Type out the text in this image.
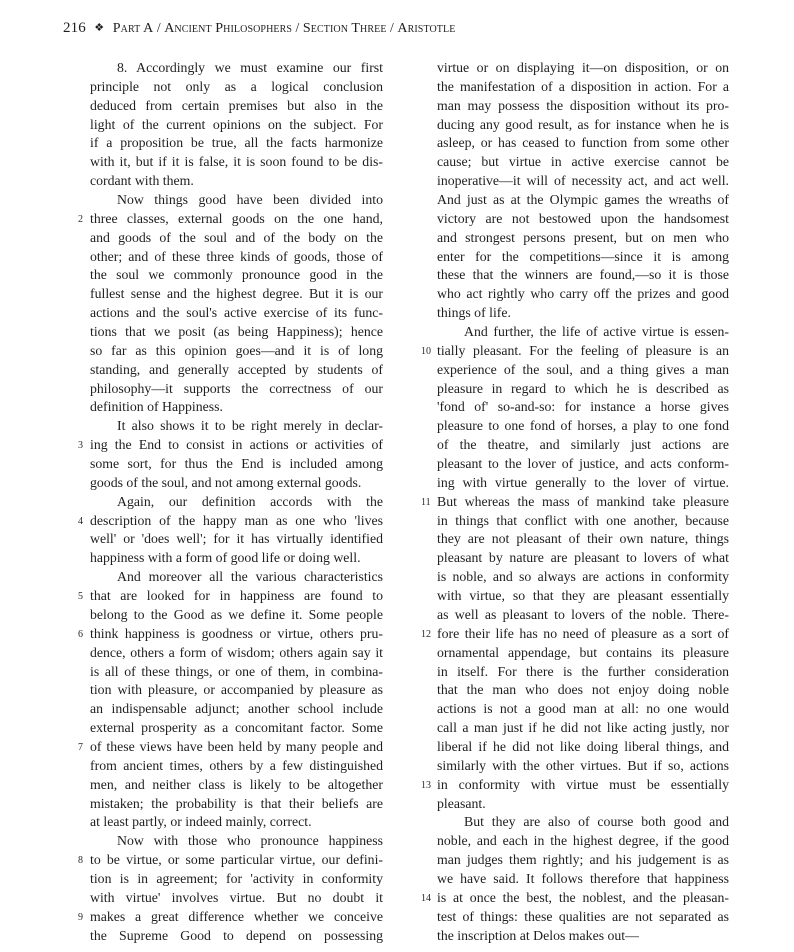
216 ❖ Part A / Ancient Philosophers / Section Three / Aristotle
8. Accordingly we must examine our first
principle not only as a logical conclusion
deduced from certain premises but also in the
light of the current opinions on the subject. For
if a proposition be true, all the facts harmonize
with it, but if it is false, it is soon found to be dis-
cordant with them.
Now things good have been divided into
2 three classes, external goods on the one hand,
and goods of the soul and of the body on the
other; and of these three kinds of goods, those of
the soul we commonly pronounce good in the
fullest sense and the highest degree. But it is our
actions and the soul's active exercise of its func-
tions that we posit (as being Happiness); hence
so far as this opinion goes—and it is of long
standing, and generally accepted by students of
philosophy—it supports the correctness of our
definition of Happiness.
It also shows it to be right merely in declar-
3 ing the End to consist in actions or activities of
some sort, for thus the End is included among
goods of the soul, and not among external goods.
Again, our definition accords with the
4 description of the happy man as one who 'lives
well' or 'does well'; for it has virtually identified
happiness with a form of good life or doing well.
And moreover all the various characteristics
5 that are looked for in happiness are found to
belong to the Good as we define it. Some people
6 think happiness is goodness or virtue, others pru-
dence, others a form of wisdom; others again say it
is all of these things, or one of them, in combina-
tion with pleasure, or accompanied by pleasure as
an indispensable adjunct; another school include
external prosperity as a concomitant factor. Some
7 of these views have been held by many people and
from ancient times, others by a few distinguished
men, and neither class is likely to be altogether
mistaken; the probability is that their beliefs are
at least partly, or indeed mainly, correct.
Now with those who pronounce happiness
8 to be virtue, or some particular virtue, our defini-
tion is in agreement; for 'activity in conformity
with virtue' involves virtue. But no doubt it
9 makes a great difference whether we conceive
the Supreme Good to depend on possessing
virtue or on displaying it—on disposition, or on
the manifestation of a disposition in action. For a
man may possess the disposition without its pro-
ducing any good result, as for instance when he is
asleep, or has ceased to function from some other
cause; but virtue in active exercise cannot be
inoperative—it will of necessity act, and act well.
And just as at the Olympic games the wreaths of
victory are not bestowed upon the handsomest
and strongest persons present, but on men who
enter for the competitions—since it is among
these that the winners are found,—so it is those
who act rightly who carry off the prizes and good
things of life.
And further, the life of active virtue is essen-
10 tially pleasant. For the feeling of pleasure is an
experience of the soul, and a thing gives a man
pleasure in regard to which he is described as
'fond of' so-and-so: for instance a horse gives
pleasure to one fond of horses, a play to one fond
of the theatre, and similarly just actions are
pleasant to the lover of justice, and acts conform-
ing with virtue generally to the lover of virtue.
11 But whereas the mass of mankind take pleasure
in things that conflict with one another, because
they are not pleasant of their own nature, things
pleasant by nature are pleasant to lovers of what
is noble, and so always are actions in conformity
with virtue, so that they are pleasant essentially
as well as pleasant to lovers of the noble. There-
12 fore their life has no need of pleasure as a sort of
ornamental appendage, but contains its pleasure
in itself. For there is the further consideration
that the man who does not enjoy doing noble
actions is not a good man at all: no one would
call a man just if he did not like acting justly, nor
liberal if he did not like doing liberal things, and
similarly with the other virtues. But if so, actions
13 in conformity with virtue must be essentially
pleasant.
But they are also of course both good and
noble, and each in the highest degree, if the good
man judges them rightly; and his judgement is as
we have said. It follows therefore that happiness
14 is at once the best, the noblest, and the pleasan-
test of things: these qualities are not separated as
the inscription at Delos makes out—
